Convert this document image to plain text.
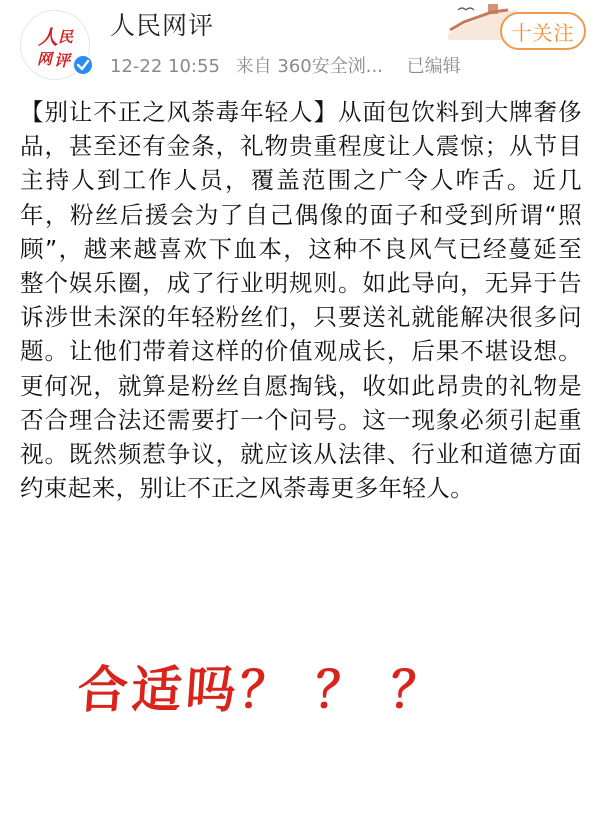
人 民
网 评
人民网评
12-22 10:55 来自 360安全浏... 已编辑
十关注
【别让不正之风荼毒年轻人】从面包饮料到大牌奢侈品，甚至还有金条，礼物贵重程度让人震惊；从节目主持人到工作人员，覆盖范围之广令人咋舌。近几年，粉丝后援会为了自己偶像的面子和受到所谓“照顾”，越来越喜欢下血本，这种不良风气已经蔓延至整个娱乐圈，成了行业明规则。如此导向，无异于告诉涉世未深的年轻粉丝们，只要送礼就能解决很多问题。让他们带着这样的价值观成长，后果不堪设想。更何况，就算是粉丝自愿掏钱，收如此昂贵的礼物是否合理合法还需要打一个问号。这一现象必须引起重视。既然频惹争议，就应该从法律、行业和道德方面约束起来，别让不正之风荼毒更多年轻人。
合适吗？ ？ ？
